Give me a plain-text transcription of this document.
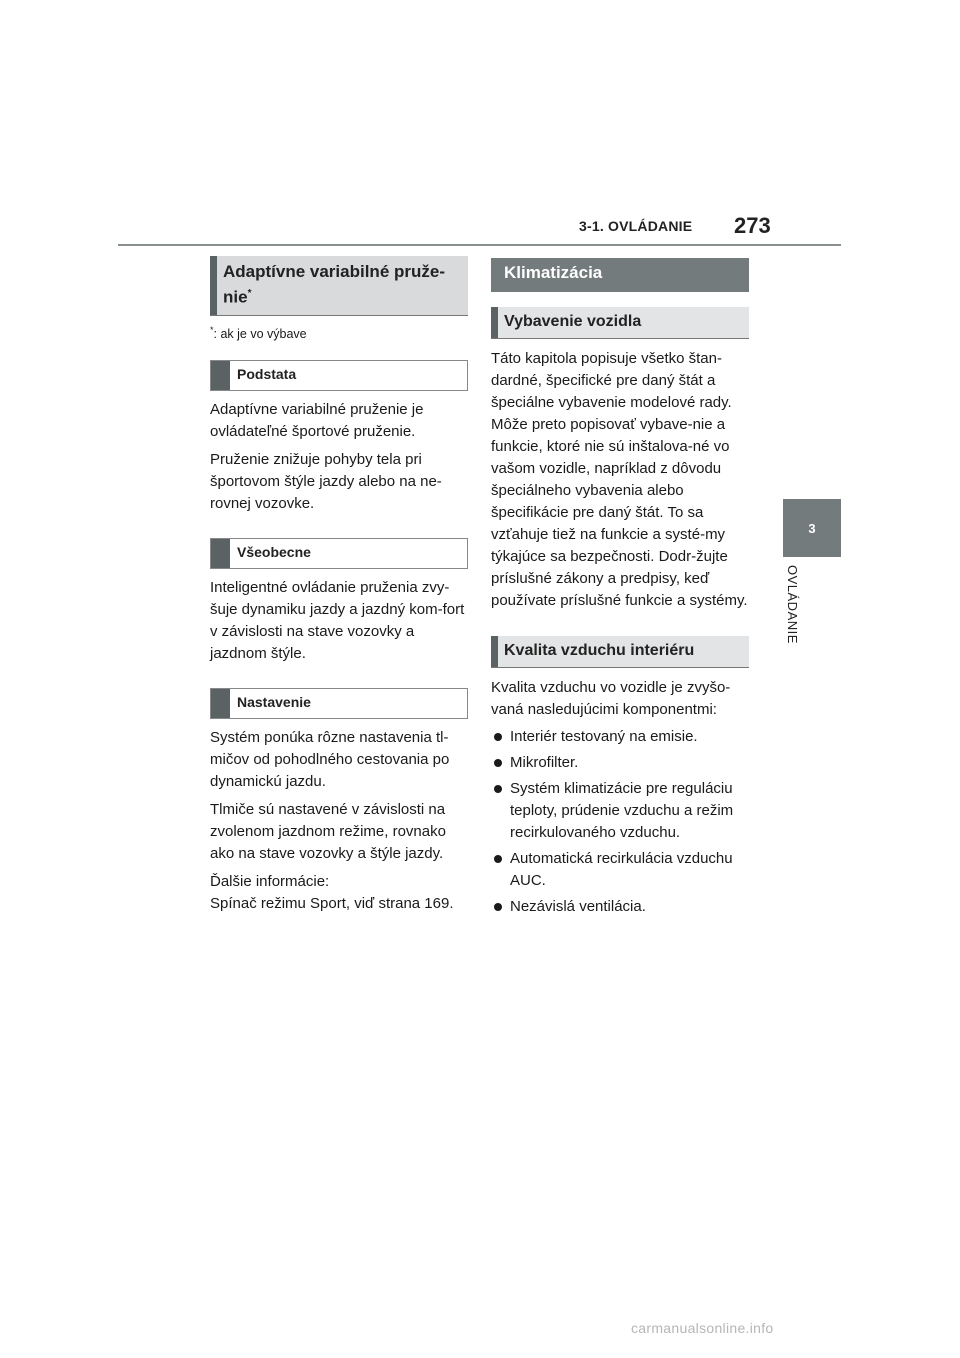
3-1. OVLÁDANIE 273
3
OVLÁDANIE
Adaptívne variabilné pruže-
nie*

*: ak je vo výbave

Podstata

Adaptívne variabilné pruženie je ovládateľné športové pruženie.

Pruženie znižuje pohyby tela pri športovom štýle jazdy alebo na ne-rovnej vozovke.

Všeobecne

Inteligentné ovládanie pruženia zvy-šuje dynamiku jazdy a jazdný kom-fort v závislosti na stave vozovky a jazdnom štýle.

Nastavenie

Systém ponúka rôzne nastavenia tl-mičov od pohodlného cestovania po dynamickú jazdu.

Tlmiče sú nastavené v závislosti na zvolenom jazdnom režime, rovnako ako na stave vozovky a štýle jazdy.

Ďalšie informácie:
Spínač režimu Sport, viď strana 169.

Klimatizácia
Vybavenie vozidla

Táto kapitola popisuje všetko štan-dardné, špecifické pre daný štát a špeciálne vybavenie modelové rady. Môže preto popisovať vybave-nie a funkcie, ktoré nie sú inštalova-né vo vašom vozidle, napríklad z dôvodu špeciálneho vybavenia alebo špecifikácie pre daný štát. To sa vzťahuje tiež na funkcie a systé-my týkajúce sa bezpečnosti. Dodr-žujte príslušné zákony a predpisy, keď používate príslušné funkcie a systémy.

Kvalita vzduchu interiéru

Kvalita vzduchu vo vozidle je zvyšo-vaná nasledujúcimi komponentmi:

Interiér testovaný na emisie.
Mikrofilter.
Systém klimatizácie pre reguláciu teploty, prúdenie vzduchu a režim recirkulovaného vzduchu.
Automatická recirkulácia vzduchu AUC.
Nezávislá ventilácia.
carmanualsonline.info
